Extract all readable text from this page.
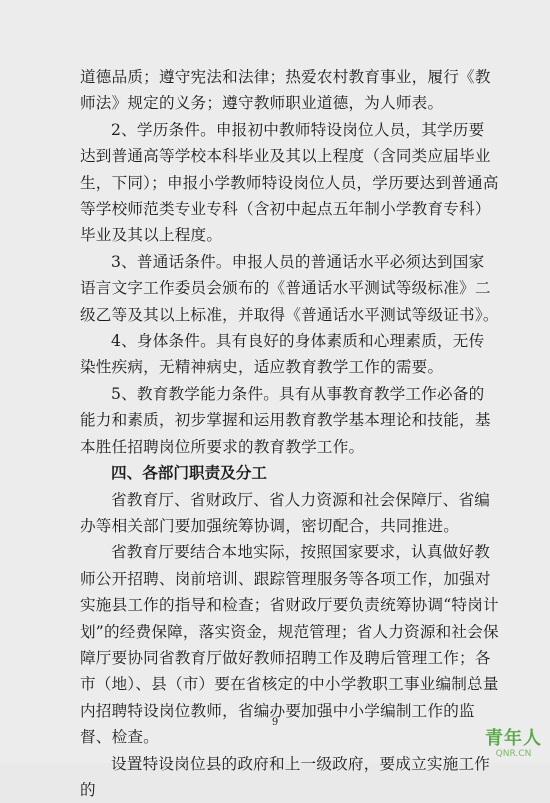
道德品质；遵守宪法和法律；热爱农村教育事业，履行《教师法》规定的义务；遵守教师职业道德，为人师表。

2、学历条件。申报初中教师特设岗位人员，其学历要达到普通高等学校本科毕业及其以上程度（含同类应届毕业生，下同）；申报小学教师特设岗位人员，学历要达到普通高等学校师范类专业专科（含初中起点五年制小学教育专科）毕业及其以上程度。

3、普通话条件。申报人员的普通话水平必须达到国家语言文字工作委员会颁布的《普通话水平测试等级标准》二级乙等及其以上标准，并取得《普通话水平测试等级证书》。

4、身体条件。具有良好的身体素质和心理素质，无传染性疾病，无精神病史，适应教育教学工作的需要。

5、教育教学能力条件。具有从事教育教学工作必备的能力和素质，初步掌握和运用教育教学基本理论和技能，基本胜任招聘岗位所要求的教育教学工作。

四、各部门职责及分工

省教育厅、省财政厅、省人力资源和社会保障厅、省编办等相关部门要加强统筹协调，密切配合，共同推进。

省教育厅要结合本地实际，按照国家要求，认真做好教师公开招聘、岗前培训、跟踪管理服务等各项工作，加强对实施县工作的指导和检查；省财政厅要负责统筹协调“特岗计划”的经费保障，落实资金，规范管理；省人力资源和社会保障厅要协同省教育厅做好教师招聘工作及聘后管理工作；各市（地）、县（市）要在省核定的中小学教职工事业编制总量内招聘特设岗位教师，省编办要加强中小学编制工作的监督、检查。

设置特设岗位县的政府和上一级政府，要成立实施工作的

9
青年人
QNR.CN
